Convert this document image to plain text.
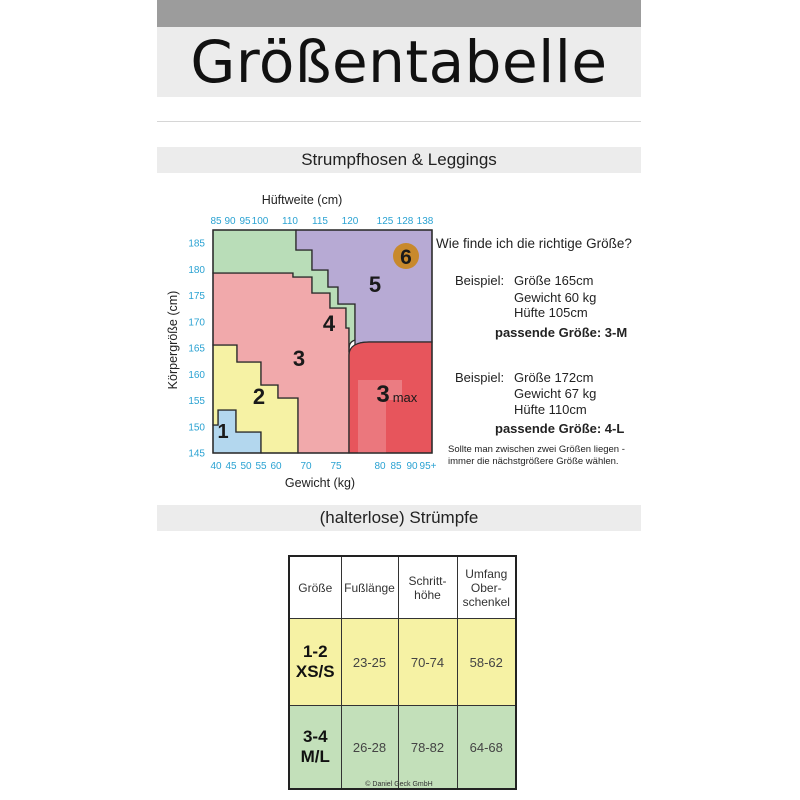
Größentabelle
Strumpfhosen & Leggings
1
2
3
4
5
3 max
6
85 90 95 100 110 115 120 125 128 138
40 45 50 55 60 70 75	80 85 90 95+
145
150
155
160
165
170
175
180
185
Hüftweite (cm)
Gewicht (kg)
Körpergröße (cm)
Wie finde ich die richtige Größe?
Beispiel: Größe 165cm
Gewicht 60 kg
Hüfte 105cm
passende Größe: 3-M
Beispiel: Größe 172cm
Gewicht 67 kg
Hüfte 110cm
passende Größe: 4-L
Sollte man zwischen zwei Größen liegen -
immer die nächstgrößere Größe wählen.
(halterlose) Strümpfe
Größe	Fußlänge	Schritt- höhe	Umfang Ober- schenkel
1-2 XS/S	23-25	70-74	58-62
3-4 M/L	26-28	78-82	64-68
© Daniel Geck GmbH
